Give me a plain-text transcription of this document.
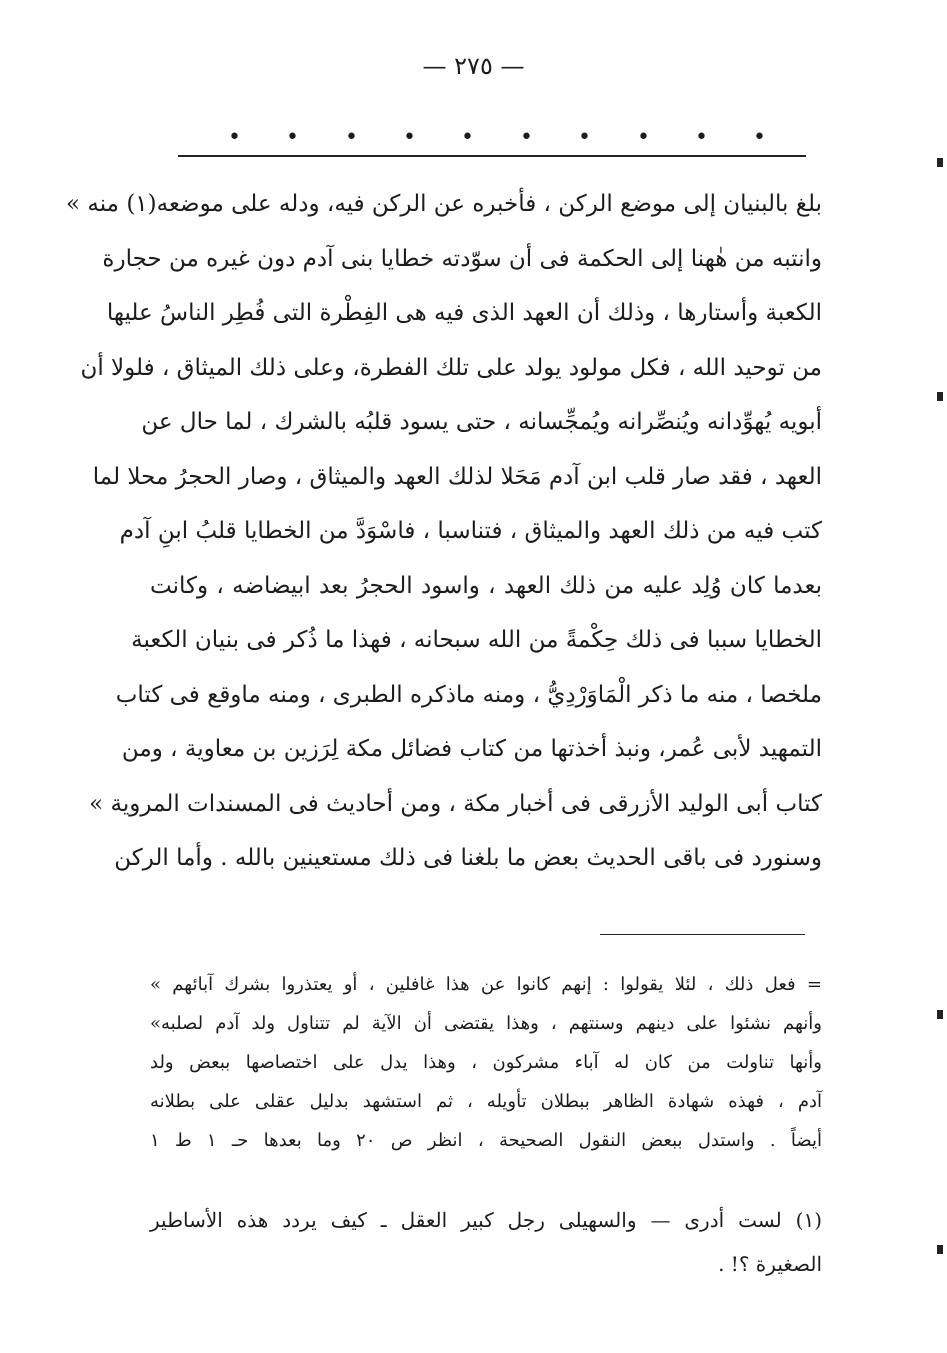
— ٢٧٥ —
• • • • • • • • • •
بلغ بالبنيان إلى موضع الركن ، فأخبره عن الركن فيه، ودله على موضعه(١) منه »
وانتبه من هٰهنا إلى الحكمة فى أن سوّدته خطايا بنى آدم دون غيره من حجارة
الكعبة وأستارها ، وذلك أن العهد الذى فيه هى الفِطْرة التى فُطِر الناسُ عليها
من توحيد الله ، فكل مولود يولد على تلك الفطرة، وعلى ذلك الميثاق ، فلولا أن
أبويه يُهوِّدانه ويُنصِّرانه ويُمجِّسانه ، حتى يسود قلبُه بالشرك ، لما حال عن
العهد ، فقد صار قلب ابن آدم مَحَلا لذلك العهد والميثاق ، وصار الحجرُ محلا لما
كتب فيه من ذلك العهد والميثاق ، فتناسبا ، فاسْوَدَّ من الخطايا قلبُ ابنِ آدم
بعدما كان وُلِد عليه من ذلك العهد ، واسود الحجرُ بعد ابيضاضه ، وكانت
الخطايا سببا فى ذلك حِكْمةً من الله سبحانه ، فهذا ما ذُكر فى بنيان الكعبة
ملخصا ، منه ما ذكر الْمَاوَرْدِيُّ ، ومنه ماذكره الطبرى ، ومنه ماوقع فى كتاب
التمهيد لأبى عُمر، ونبذ أخذتها من كتاب فضائل مكة لِرَزين بن معاوية ، ومن
كتاب أبى الوليد الأزرقى فى أخبار مكة ، ومن أحاديث فى المسندات المروية »
وسنورد فى باقى الحديث بعض ما بلغنا فى ذلك مستعينين بالله . وأما الركن
= فعل ذلك ، لئلا يقولوا : إنهم كانوا عن هذا غافلين ، أو يعتذروا بشرك آبائهم »
وأنهم نشئوا على دينهم وسنتهم ، وهذا يقتضى أن الآية لم تتناول ولد آدم لصلبه»
وأنها تناولت من كان له آباء مشركون ، وهذا يدل على اختصاصها ببعض ولد
آدم ، فهذه شهادة الظاهر ببطلان تأويله ، ثم استشهد بدليل عقلى على بطلانه
أيضاً . واستدل ببعض النقول الصحيحة ، انظر ص ٢٠ وما بعدها حـ ١ ط ١
(١) لست أدرى — والسهيلى رجل كبير العقل ـ كيف يردد هذه الأساطير
الصغيرة ؟! .
